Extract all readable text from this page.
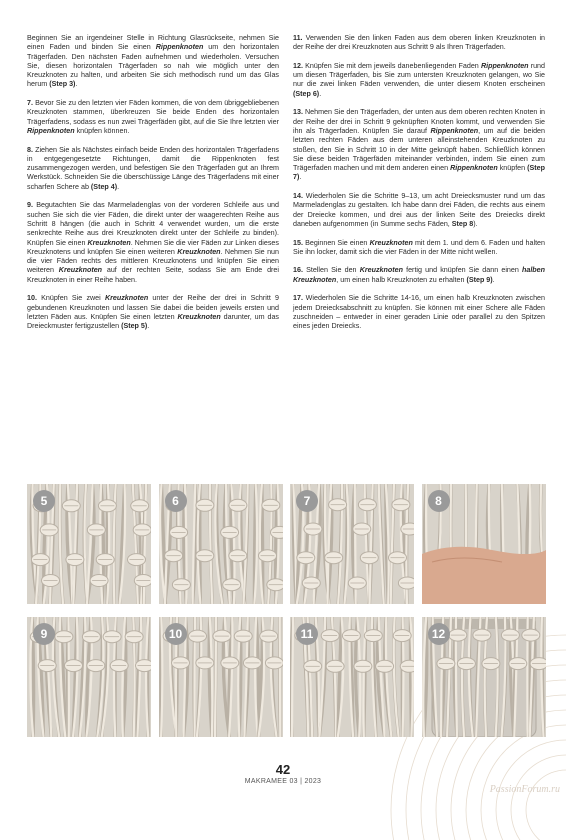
Beginnen Sie an irgendeiner Stelle in Richtung Glasrückseite, nehmen Sie einen Faden und binden Sie einen Rippenknoten um den horizontalen Trägerfaden. Den nächsten Faden aufnehmen und wiederholen. Versuchen Sie, diesen horizontalen Trägerfaden so nah wie möglich unter den Kreuzknoten zu halten, und arbeiten Sie sich methodisch rund um das Glas herum (Step 3).

7. Bevor Sie zu den letzten vier Fäden kommen, die von dem übriggebliebenen Kreuzknoten stammen, überkreuzen Sie beide Enden des horizontalen Trägerfadens, sodass es nun zwei Trägerfäden gibt, auf die Sie Ihre letzten vier Rippenknoten knüpfen können.

8. Ziehen Sie als Nächstes einfach beide Enden des horizontalen Trägerfadens in entgegengesetzte Richtungen, damit die Rippenknoten fest zusammengezogen werden, und befestigen Sie den Trägerfaden gut an Ihrem Werkstück. Schneiden Sie die überschüssige Länge des Trägerfadens mit einer scharfen Schere ab (Step 4).

9. Begutachten Sie das Marmeladenglas von der vorderen Schleife aus und suchen Sie sich die vier Fäden, die direkt unter der waagerechten Reihe aus Schritt 8 hängen (die auch in Schritt 4 verwendet wurden, um die erste senkrechte Reihe aus drei Kreuzknoten direkt unter der Schleife zu binden). Knüpfen Sie einen Kreuzknoten. Nehmen Sie die vier Fäden zur Linken dieses Kreuzknotens und knüpfen Sie einen weiteren Kreuzknoten. Nehmen Sie nun die vier Fäden rechts des mittleren Kreuzknotens und knüpfen Sie einen weiteren Kreuzknoten auf der rechten Seite, sodass Sie am Ende drei Kreuzknoten in einer Reihe haben.

10. Knüpfen Sie zwei Kreuzknoten unter der Reihe der drei in Schritt 9 gebundenen Kreuzknoten und lassen Sie dabei die beiden jeweils ersten und letzten Fäden aus. Knüpfen Sie einen letzten Kreuzknoten darunter, um das Dreieckmuster fertigzustellen (Step 5).

11. Verwenden Sie den linken Faden aus dem oberen linken Kreuzknoten in der Reihe der drei Kreuzknoten aus Schritt 9 als Ihren Trägerfaden.

12. Knüpfen Sie mit dem jeweils danebenliegenden Faden Rippenknoten rund um diesen Trägerfaden, bis Sie zum untersten Kreuzknoten gelangen, wo Sie nur die zwei linken Fäden verwenden, die unter diesem Knoten erscheinen (Step 6).

13. Nehmen Sie den Trägerfaden, der unten aus dem oberen rechten Knoten in der Reihe der drei in Schritt 9 geknüpften Knoten kommt, und verwenden Sie ihn als Trägerfaden. Knüpfen Sie darauf Rippenknoten, um auf die beiden letzten rechten Fäden aus dem unteren alleinstehenden Kreuzknoten zu stoßen, den Sie in Schritt 10 in der Mitte geknüpft haben. Schließlich können Sie diese beiden Trägerfäden miteinander verbinden, indem Sie einen zum Trägerfaden machen und mit dem anderen einen Rippenknoten knüpfen (Step 7).

14. Wiederholen Sie die Schritte 9–13, um acht Dreiecksmuster rund um das Marmeladenglas zu gestalten. Ich habe dann drei Fäden, die rechts aus einem der Dreiecke kommen, und drei aus der linken Seite des Dreiecks direkt daneben aufgenommen (in Summe sechs Fäden, Step 8).

15. Beginnen Sie einen Kreuzknoten mit dem 1. und dem 6. Faden und halten Sie ihn locker, damit sich die vier Fäden in der Mitte nicht wellen.

16. Stellen Sie den Kreuzknoten fertig und knüpfen Sie dann einen halben Kreuzknoten, um einen halb Kreuzknoten zu erhalten (Step 9).

17. Wiederholen Sie die Schritte 14-16, um einen halb Kreuzknoten zwischen jedem Dreiecksabschnitt zu knüpfen. Sie können mit einer Schere alle Fäden zuschneiden – entweder in einer geraden Linie oder parallel zu den Spitzen eines jeden Dreiecks.

5	6	7	8
9	10	11	12
42
MAKRAMEE 03 | 2023
PassionForum.ru
